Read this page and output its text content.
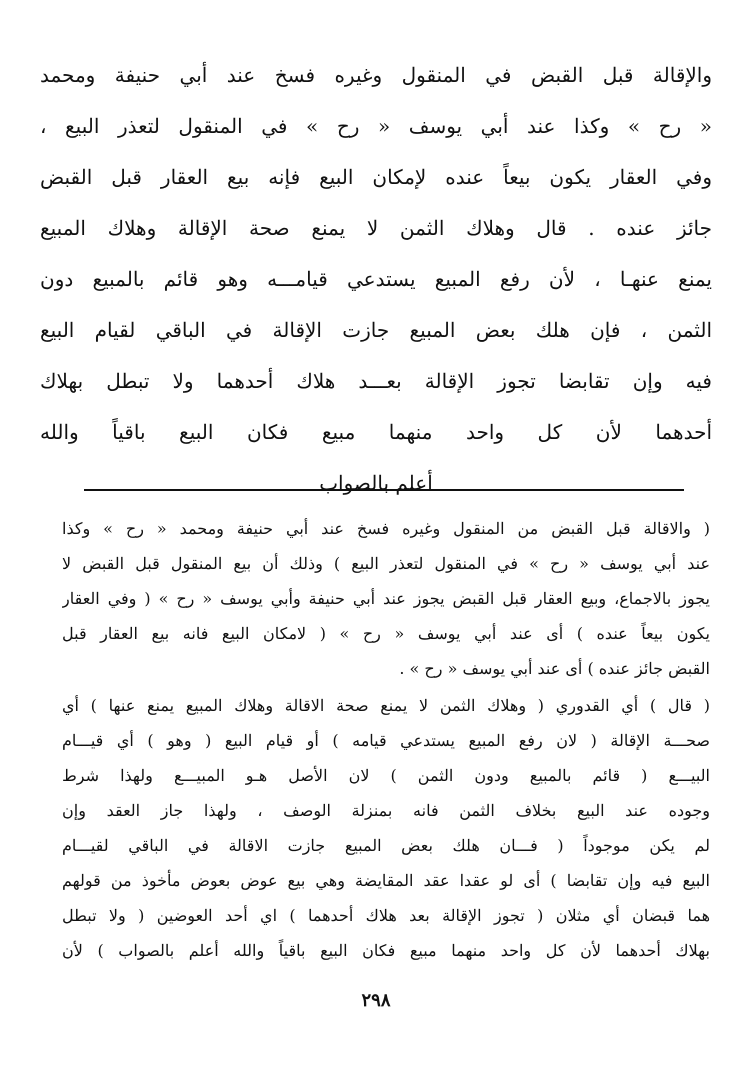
والإقالة قبل القبض في المنقول وغيره فسخ عند أبي حنيفة ومحمد
« رح » وكذا عند أبي يوسف « رح » في المنقول لتعذر البيع ،
وفي العقار يكون بيعاً عنده لإمكان البيع فإنه بيع العقار قبل القبض
جائز عنده . قال وهلاك الثمن لا يمنع صحة الإقالة وهلاك المبيع
يمنع عنهـا ، لأن رفع المبيع يستدعي قيامـــه وهو قائم بالمبيع دون
الثمن ، فإن هلك بعض المبيع جازت الإقالة في الباقي لقيام البيع
فيه وإن تقابضا تجوز الإقالة بعـــد هلاك أحدهما ولا تبطل بهلاك
أحدهما لأن كل واحد منهما مبيع فكان البيع باقياً والله
أعلم بالصواب
( والاقالة قبل القبض من المنقول وغيره فسخ عند أبي حنيفة ومحمد « رح » وكذا
عند أبي يوسف « رح » في المنقول لتعذر البيع ) وذلك أن بيع المنقول قبل القبض لا
يجوز بالاجماع، وبيع العقار قبل القبض يجوز عند أبي حنيفة وأبي يوسف « رح » ( وفي العقار
يكون بيعاً عنده ) أى عند أبي يوسف « رح » ( لامكان البيع فانه بيع العقار قبل
القبض جائز عنده ) أى عند أبي يوسف « رح » .
( قال ) أي القدوري ( وهلاك الثمن لا يمنع صحة الاقالة وهلاك المبيع يمنع عنها ) أي
صحـــة الإقالة ( لان رفع المبيع يستدعي قيامه ) أو قيام البيع ( وهو ) أي قيـــام
البيـــع ( قائم بالمبيع ودون الثمن ) لان الأصل هـو المبيـــع ولهذا شرط
وجوده عند البيع بخلاف الثمن فانه بمنزلة الوصف ، ولهذا جاز العقد وإن
لم يكن موجوداً ( فـــان هلك بعض المبيع جازت الاقالة في الباقي لقيـــام
البيع فيه وإن تقابضا ) أى لو عقدا عقد المقايضة وهي بيع عوض بعوض مأخوذ من قولهم
هما قبضان أي مثلان ( تجوز الإقالة بعد هلاك أحدهما ) اي أحد العوضين ( ولا تبطل
بهلاك أحدهما لأن كل واحد منهما مبيع فكان البيع باقياً والله أعلم بالصواب ) لأن
٢٩٨
